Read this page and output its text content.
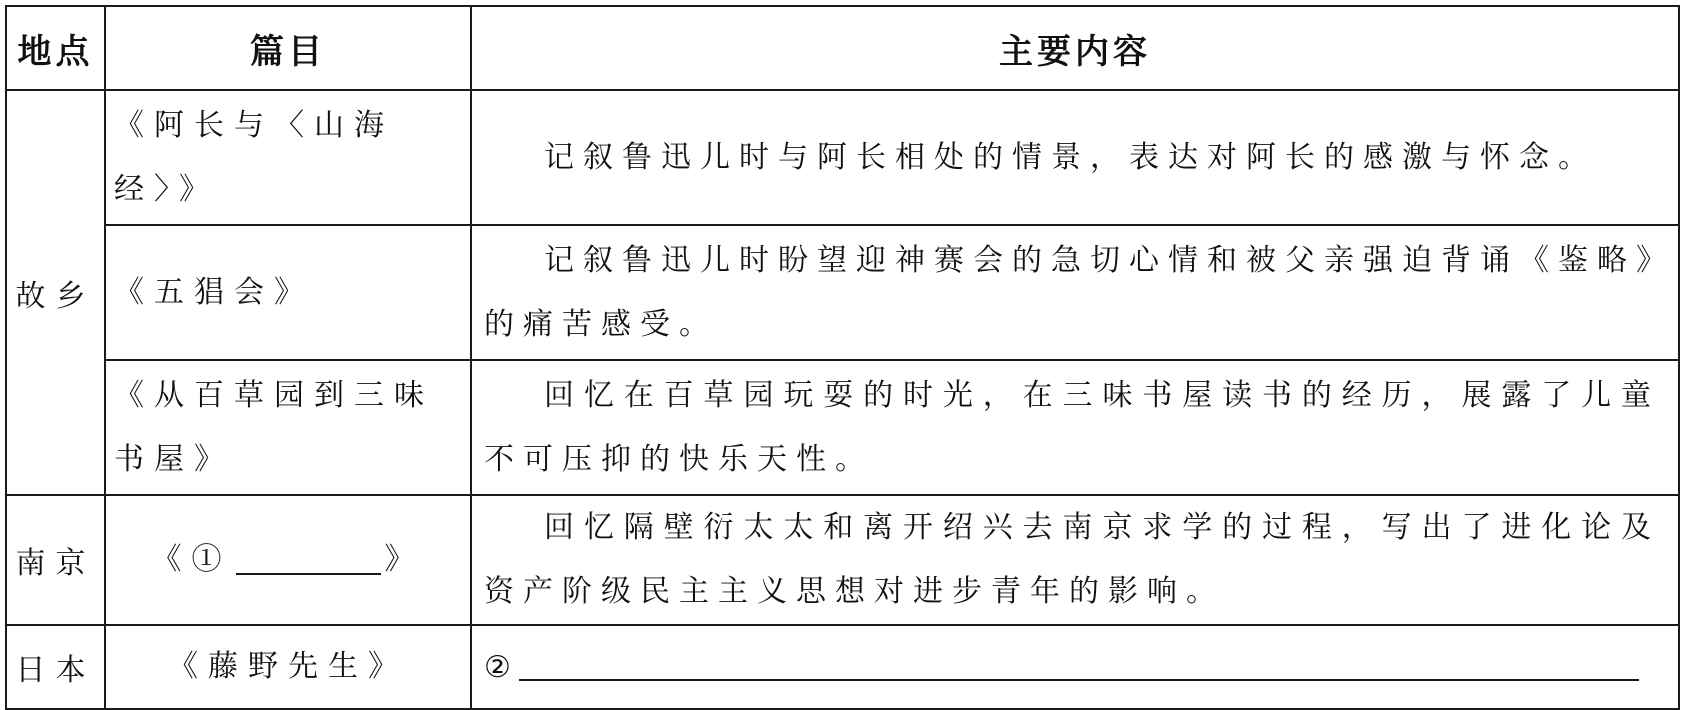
地点	篇目	主要内容
故乡	《阿长与〈山海经〉》	记叙鲁迅儿时与阿长相处的情景，表达对阿长的感激与怀念。
	《五猖会》	记叙鲁迅儿时盼望迎神赛会的急切心情和被父亲强迫背诵《鉴略》的痛苦感受。
	《从百草园到三味书屋》	回忆在百草园玩耍的时光，在三味书屋读书的经历，展露了儿童不可压抑的快乐天性。
南京	《① 》	回忆隔壁衍太太和离开绍兴去南京求学的过程，写出了进化论及资产阶级民主主义思想对进步青年的影响。
日本	《藤野先生》	②
